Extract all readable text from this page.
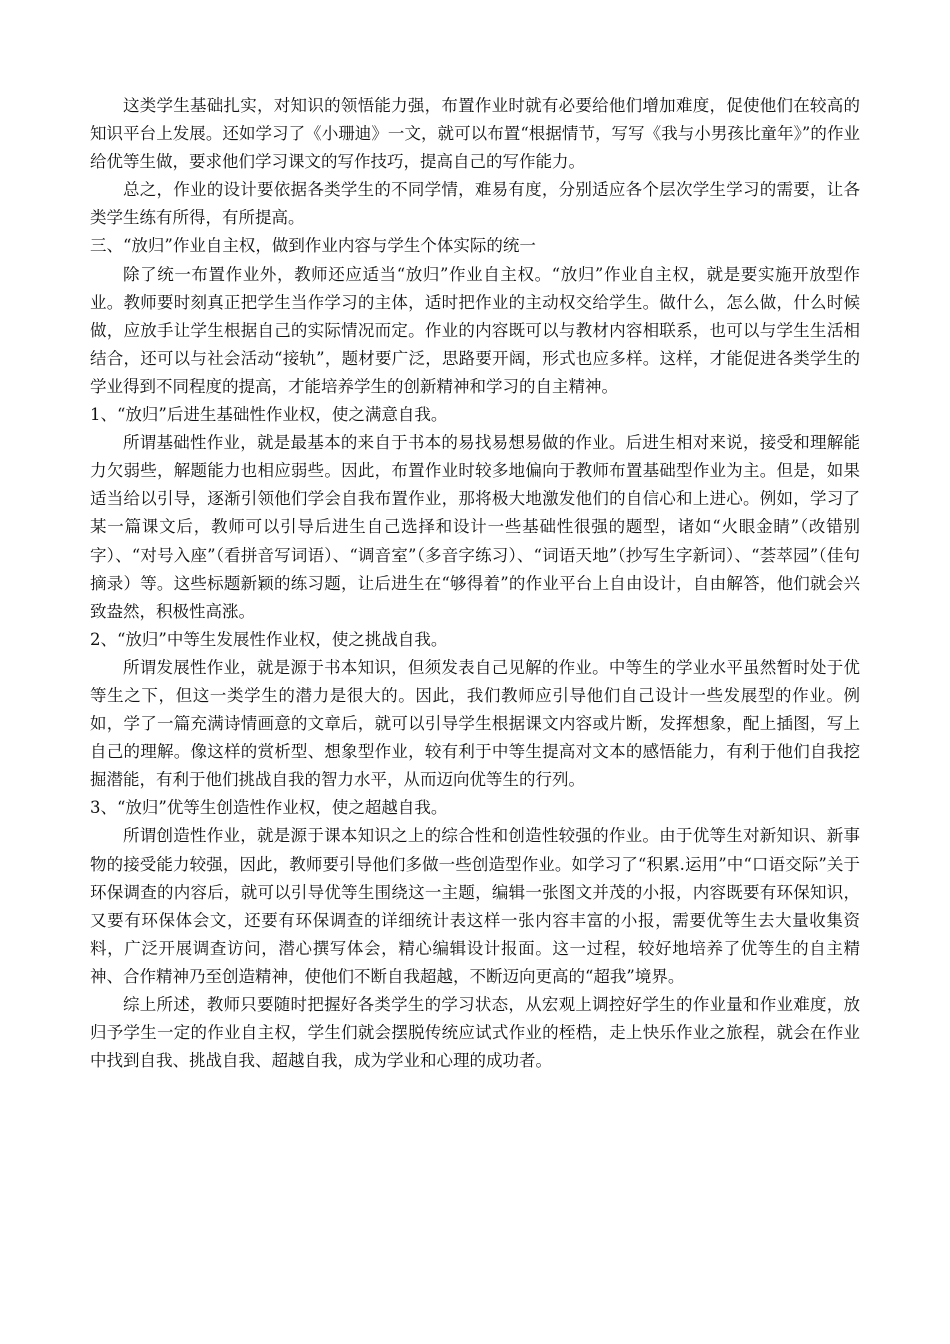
这类学生基础扎实，对知识的领悟能力强，布置作业时就有必要给他们增加难度，促使他们在较高的知识平台上发展。还如学习了《小珊迪》一文，就可以布置“根据情节，写写《我与小男孩比童年》”的作业给优等生做，要求他们学习课文的写作技巧，提高自己的写作能力。

总之，作业的设计要依据各类学生的不同学情，难易有度，分别适应各个层次学生学习的需要，让各类学生练有所得，有所提高。

三、“放归”作业自主权，做到作业内容与学生个体实际的统一

除了统一布置作业外，教师还应适当“放归”作业自主权。“放归”作业自主权，就是要实施开放型作业。教师要时刻真正把学生当作学习的主体，适时把作业的主动权交给学生。做什么，怎么做，什么时候做，应放手让学生根据自己的实际情况而定。作业的内容既可以与教材内容相联系，也可以与学生生活相结合，还可以与社会活动“接轨”，题材要广泛，思路要开阔，形式也应多样。这样，才能促进各类学生的学业得到不同程度的提高，才能培养学生的创新精神和学习的自主精神。

1、“放归”后进生基础性作业权，使之满意自我。

所谓基础性作业，就是最基本的来自于书本的易找易想易做的作业。后进生相对来说，接受和理解能力欠弱些，解题能力也相应弱些。因此，布置作业时较多地偏向于教师布置基础型作业为主。但是，如果适当给以引导，逐渐引领他们学会自我布置作业，那将极大地激发他们的自信心和上进心。例如，学习了某一篇课文后，教师可以引导后进生自己选择和设计一些基础性很强的题型，诸如“火眼金睛”（改错别字）、“对号入座”（看拼音写词语）、“调音室”（多音字练习）、“词语天地”（抄写生字新词）、“荟萃园”（佳句摘录）等。这些标题新颖的练习题，让后进生在“够得着”的作业平台上自由设计，自由解答，他们就会兴致盎然，积极性高涨。

2、“放归”中等生发展性作业权，使之挑战自我。

所谓发展性作业，就是源于书本知识，但须发表自己见解的作业。中等生的学业水平虽然暂时处于优等生之下，但这一类学生的潜力是很大的。因此，我们教师应引导他们自己设计一些发展型的作业。例如，学了一篇充满诗情画意的文章后，就可以引导学生根据课文内容或片断，发挥想象，配上插图，写上自己的理解。像这样的赏析型、想象型作业，较有利于中等生提高对文本的感悟能力，有利于他们自我挖掘潜能，有利于他们挑战自我的智力水平，从而迈向优等生的行列。

3、“放归”优等生创造性作业权，使之超越自我。

所谓创造性作业，就是源于课本知识之上的综合性和创造性较强的作业。由于优等生对新知识、新事物的接受能力较强，因此，教师要引导他们多做一些创造型作业。如学习了“积累.运用”中“口语交际”关于环保调查的内容后，就可以引导优等生围绕这一主题，编辑一张图文并茂的小报，内容既要有环保知识，又要有环保体会文，还要有环保调查的详细统计表这样一张内容丰富的小报，需要优等生去大量收集资料，广泛开展调查访问，潜心撰写体会，精心编辑设计报面。这一过程，较好地培养了优等生的自主精神、合作精神乃至创造精神，使他们不断自我超越，不断迈向更高的“超我”境界。

综上所述，教师只要随时把握好各类学生的学习状态，从宏观上调控好学生的作业量和作业难度，放归予学生一定的作业自主权，学生们就会摆脱传统应试式作业的桎梏，走上快乐作业之旅程，就会在作业中找到自我、挑战自我、超越自我，成为学业和心理的成功者。
